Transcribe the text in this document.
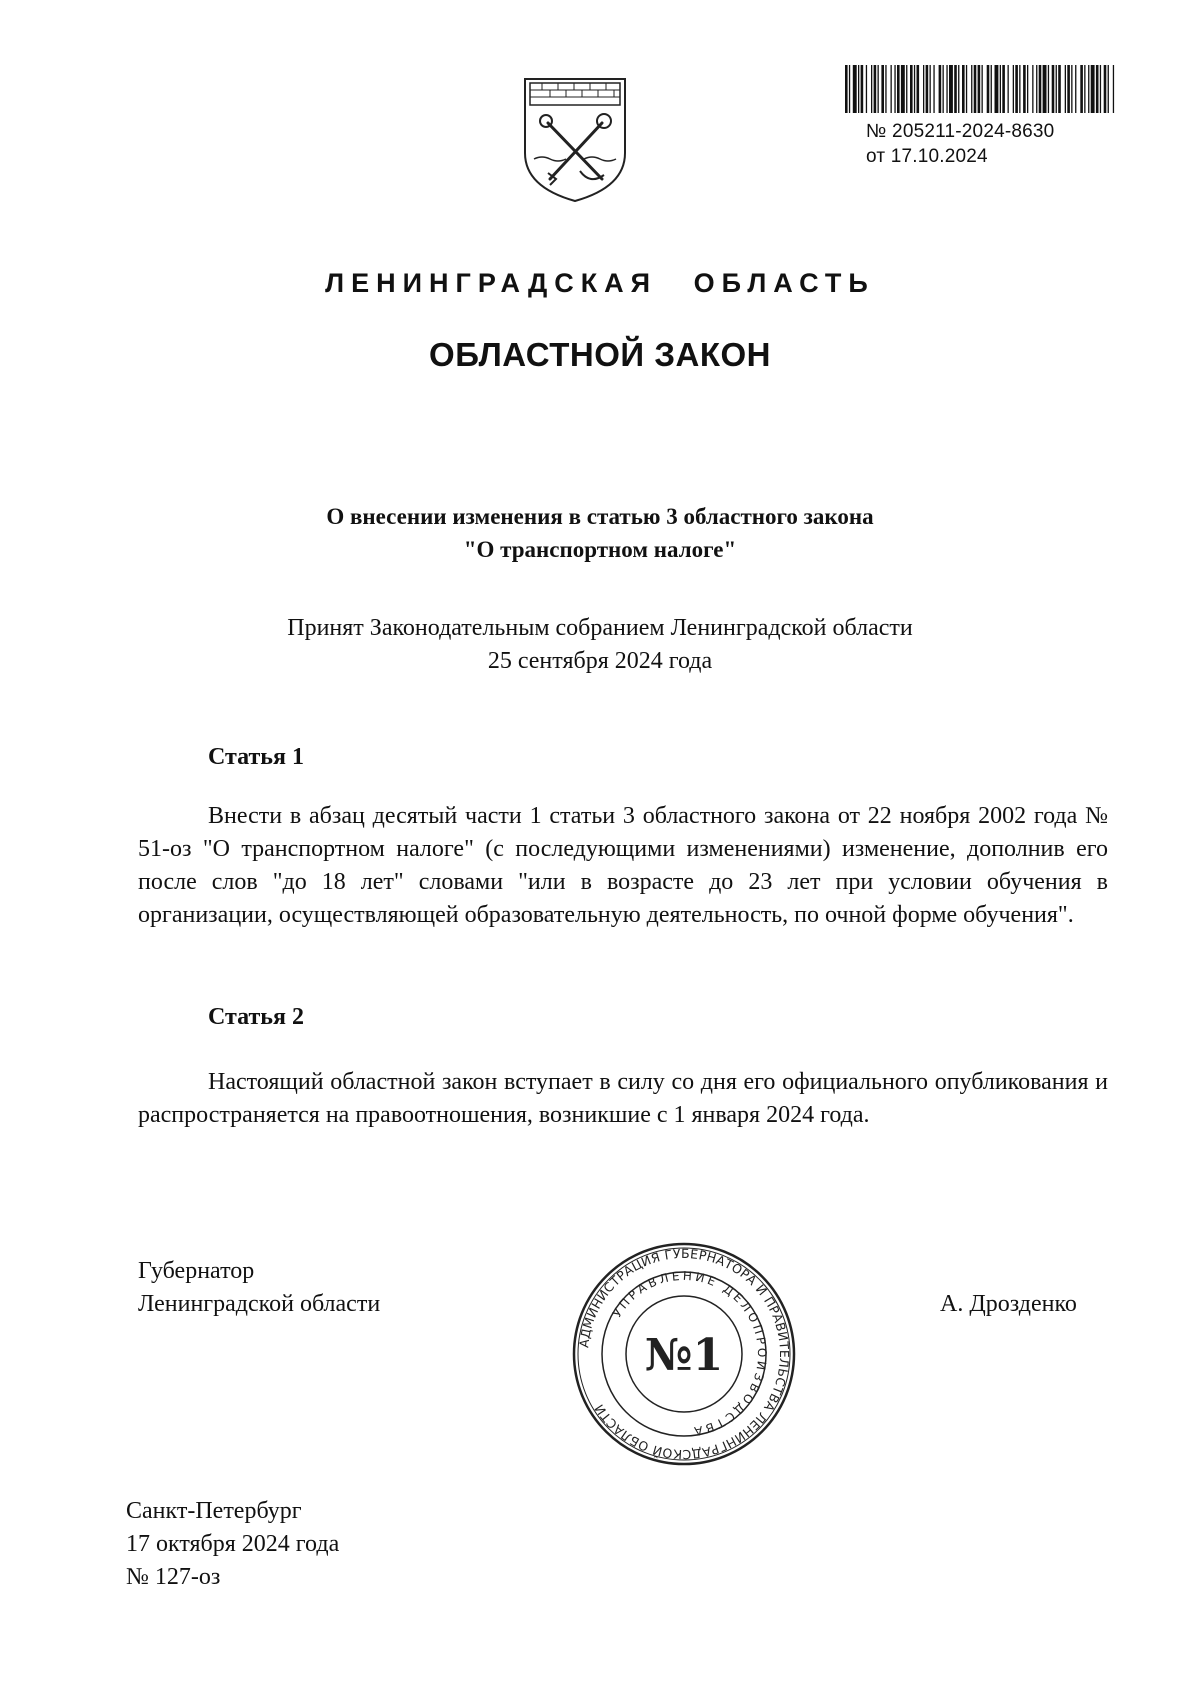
№ 205211-2024-8630
от 17.10.2024
ЛЕНИНГРАДСКАЯ ОБЛАСТЬ
ОБЛАСТНОЙ ЗАКОН
О внесении изменения в статью 3 областного закона
"О транспортном налоге"
Принят Законодательным собранием Ленинградской области
25 сентября 2024 года
Статья 1
Внести в абзац десятый части 1 статьи 3 областного закона от 22 ноября 2002 года № 51-оз "О транспортном налоге" (с последующими изменениями) изменение, дополнив его после слов "до 18 лет" словами "или в возрасте до 23 лет при условии обучения в организации, осуществляющей образовательную деятельность, по очной форме обучения".
Статья 2
Настоящий областной закон вступает в силу со дня его официального опубликования и распространяется на правоотношения, возникшие с 1 января 2024 года.
Губернатор
Ленинградской области	А. Дрозденко
АДМИНИСТРАЦИЯ ГУБЕРНАТОРА И ПРАВИТЕЛЬСТВА ЛЕНИНГРАДСКОЙ ОБЛАСТИ
УПРАВЛЕНИЕ ДЕЛОПРОИЗВОДСТВА
№1
Санкт-Петербург
17 октября 2024 года
№ 127-оз
